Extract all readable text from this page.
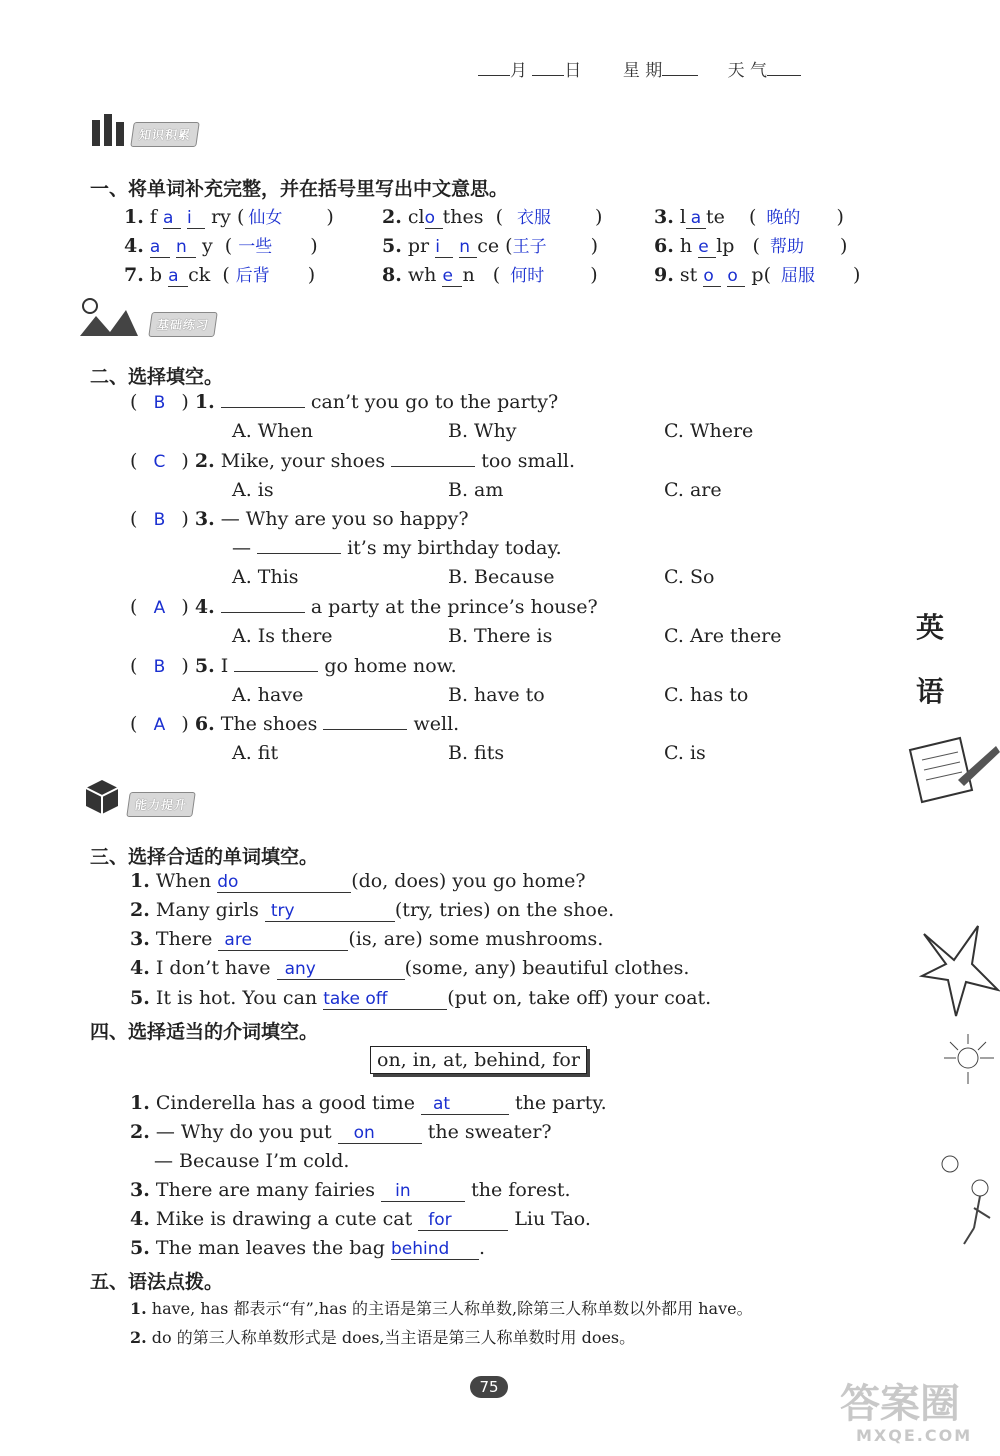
月 日 星 期	天 气
知识积累
一、将单词补充完整，并在括号里写出中文意思。
1. f a i ry ( 仙女 )	2. clo thes  ( 衣服 )	3. l a te    ( 晚的 )
4. a n y  ( 一些 )	5. pr i n ce (王子 )	6. h e lp   ( 帮助 )
7. b a ck  ( 后背 )	8. wh e n   ( 何时 )	9. st o o p( 屈服 )
基础练习
二、选择填空。
( B ) 1.	can’t you go to the party?
A. When	B. Why	C. Where
( C ) 2. Mike, your shoes	too small.
A. is	B. am	C. are
( B ) 3. — Why are you so happy?
—	it’s my birthday today.
A. This	B. Because	C. So
( A ) 4.	a party at the prince’s house?
A. Is there	B. There is	C. Are there
( B ) 5. I	go home now.
A. have	B. have to	C. has to
( A ) 6. The shoes	well.
A. fit	B. fits	C. is
能力提升
三、选择合适的单词填空。
1. When do	(do, does) you go home?
2. Many girls try	(try, tries) on the shoe.
3. There are	(is, are) some mushrooms.
4. I don’t have any	(some, any) beautiful clothes.
5. It is hot. You can take off	(put on, take off) your coat.
四、选择适当的介词填空。
on, in, at, behind, for
1. Cinderella has a good time at	the party.
2. — Why do you put on	the sweater?
— Because I’m cold.
3. There are many fairies in	the forest.
4. Mike is drawing a cute cat for	Liu Tao.
5. The man leaves the bag behind .
五、语法点拨。
1. have, has 都表示“有”,has 的主语是第三人称单数,除第三人称单数以外都用 have。
2. do 的第三人称单数形式是 does,当主语是第三人称单数时用 does。
英
语
75	答案圈
MXQE.COM
